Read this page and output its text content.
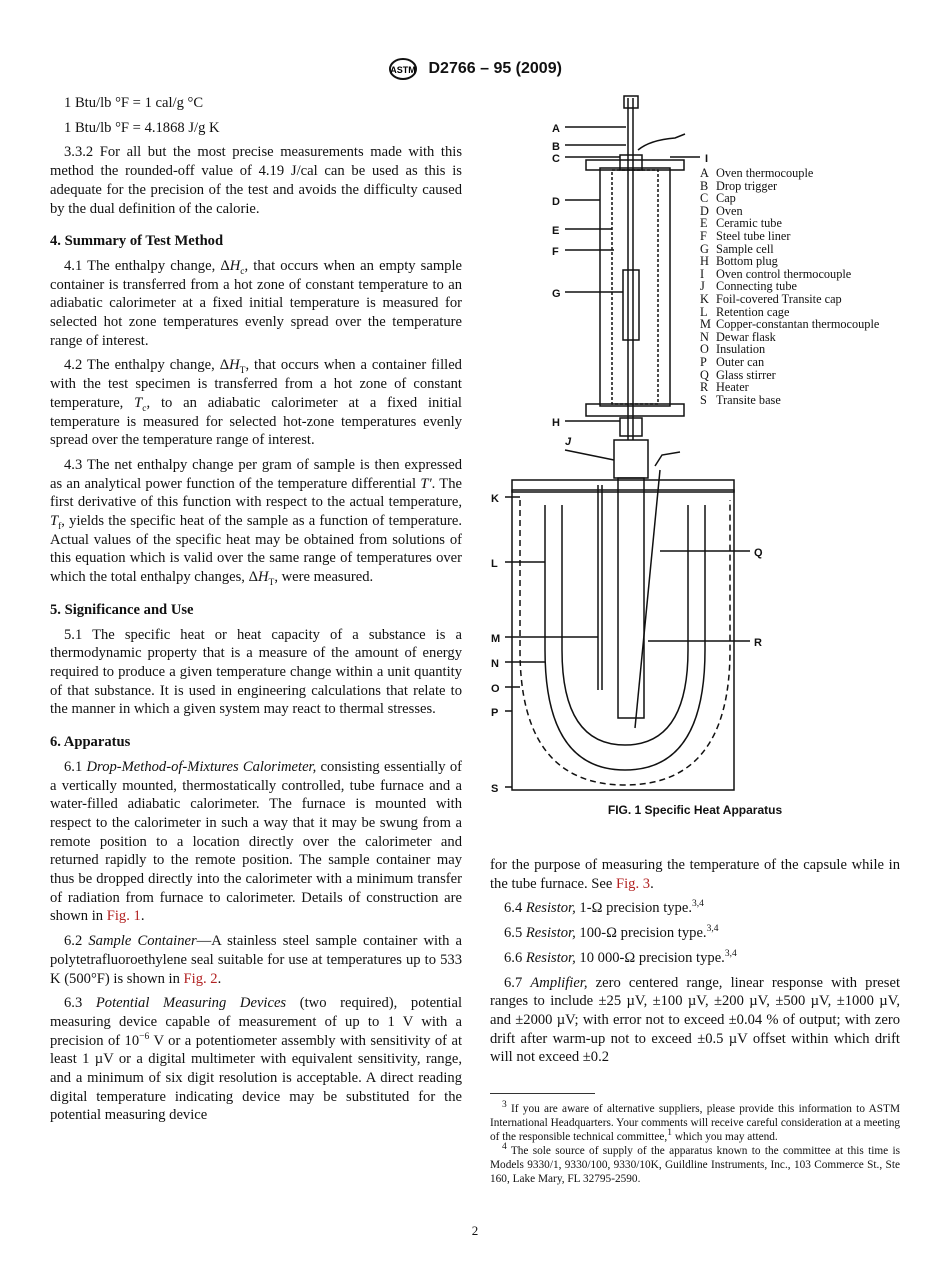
ASTM D2766 – 95 (2009)

1 Btu/lb °F = 1 cal/g °C

1 Btu/lb °F = 4.1868 J/g K

3.3.2 For all but the most precise measurements made with this method the rounded-off value of 4.19 J/cal can be used as this is adequate for the precision of the test and avoids the difficulty caused by the dual definition of the calorie.

4. Summary of Test Method

4.1 The enthalpy change, $\Delta H_c$, that occurs when an empty sample container is transferred from a hot zone of constant temperature to an adiabatic calorimeter at a fixed initial temperature is measured for selected hot zone temperatures evenly spread over the temperature range of interest.

4.2 The enthalpy change, $\Delta H_T$, that occurs when a container filled with the test specimen is transferred from a hot zone of constant temperature, $T_c$, to an adiabatic calorimeter at a fixed initial temperature is measured for selected hot-zone temperatures evenly spread over the temperature range of interest.

4.3 The net enthalpy change per gram of sample is then expressed as an analytical power function of the temperature differential T′. The first derivative of this function with respect to the actual temperature, $T_f$, yields the specific heat of the sample as a function of temperature. Actual values of the specific heat may be obtained from solutions of this equation which is valid over the same range of temperatures over which the total enthalpy changes, $\Delta H_T$, were measured.

5. Significance and Use

5.1 The specific heat or heat capacity of a substance is a thermodynamic property that is a measure of the amount of energy required to produce a given temperature change within a unit quantity of that substance. It is used in engineering calculations that relate to the manner in which a given system may react to thermal stresses.

6. Apparatus

6.1 Drop-Method-of-Mixtures Calorimeter, consisting essentially of a vertically mounted, thermostatically controlled, tube furnace and a water-filled adiabatic calorimeter. The furnace is mounted with respect to the calorimeter in such a way that it may be swung from a remote position to a location directly over the calorimeter and returned rapidly to the remote position. The sample container may thus be dropped directly into the calorimeter with a minimum transfer of radiation from furnace to calorimeter. Details of construction are shown in Fig. 1.

6.2 Sample Container—A stainless steel sample container with a polytetrafluoroethylene seal suitable for use at temperatures up to 533 K (500°F) is shown in Fig. 2.

6.3 Potential Measuring Devices (two required), potential measuring device capable of measurement of up to 1 V with a precision of $10^{-6}$ V or a potentiometer assembly with sensitivity of at least 1 µV or a digital multimeter with equivalent sensitivity, range, and a minimum of six digit resolution is acceptable. A direct reading digital temperature indicating device may be substituted for the potential measuring device

A
B
C
D
E
F
G
H
J
K
L
M
N
O
P
S
I
Q
R
A Oven thermocouple
B Drop trigger
C Cap
D Oven
E Ceramic tube
F Steel tube liner
G Sample cell
H Bottom plug
I Oven control thermocouple
J Connecting tube
K Foil-covered Transite cap
L Retention cage
M Copper-constantan thermocouple
N Dewar flask
O Insulation
P Outer can
Q Glass stirrer
R Heater
S Transite base
FIG. 1 Specific Heat Apparatus

for the purpose of measuring the temperature of the capsule while in the tube furnace. See Fig. 3.

6.4 Resistor, 1-Ω precision type.$^{3,4}$

6.5 Resistor, 100-Ω precision type.$^{3,4}$

6.6 Resistor, 10 000-Ω precision type.$^{3,4}$

6.7 Amplifier, zero centered range, linear response with preset ranges to include ±25 µV, ±100 µV, ±200 µV, ±500 µV, ±1000 µV, and ±2000 µV; with error not to exceed ±0.04 % of output; with zero drift after warm-up not to exceed ±0.5 µV offset within which drift will not exceed ±0.2

$^3$ If you are aware of alternative suppliers, please provide this information to ASTM International Headquarters. Your comments will receive careful consideration at a meeting of the responsible technical committee,$^1$ which you may attend.

$^4$ The sole source of supply of the apparatus known to the committee at this time is Models 9330/1, 9330/100, 9330/10K, Guildline Instruments, Inc., 103 Commerce St., Ste 160, Lake Mary, FL 32795-2590.

2
